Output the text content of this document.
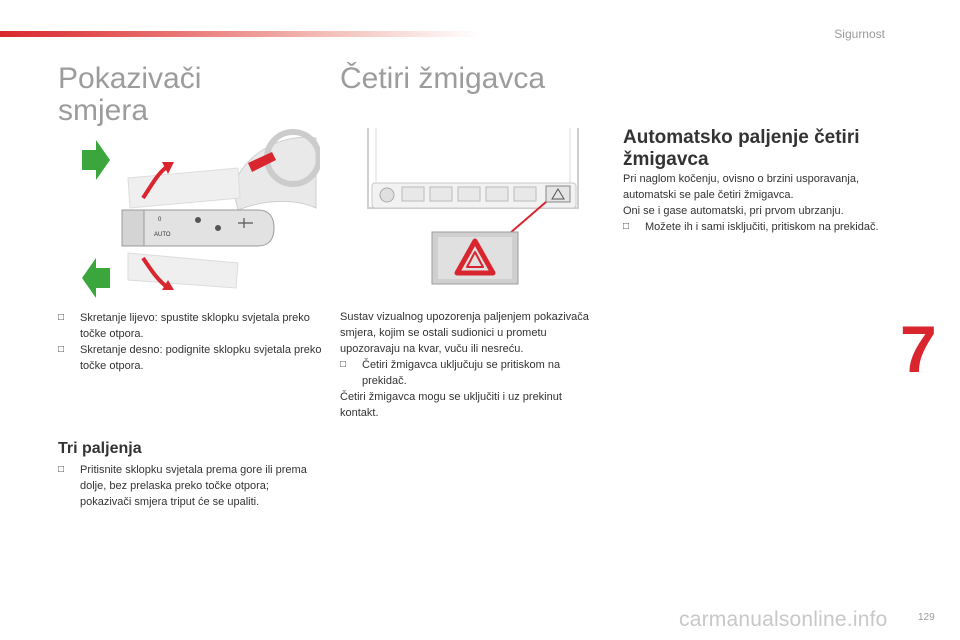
Sigurnost
Pokazivači
smjera
0
AUTO

□ Skretanje lijevo: spustite sklopku svjetala preko točke otpora.

□ Skretanje desno: podignite sklopku svjetala preko točke otpora.

Tri paljenja

□ Pritisnite sklopku svjetala prema gore ili prema dolje, bez prelaska preko točke otpora; pokazivači smjera triput će se upaliti.

Četiri žmigavca

Sustav vizualnog upozorenja paljenjem pokazivača smjera, kojim se ostali sudionici u prometu upozoravaju na kvar, vuču ili nesreću.

□ Četiri žmigavca uključuju se pritiskom na prekidač.

Četiri žmigavca mogu se uključiti i uz prekinut kontakt.

Automatsko paljenje četiri žmigavca

Pri naglom kočenju, ovisno o brzini usporavanja, automatski se pale četiri žmigavca.

Oni se i gase automatski, pri prvom ubrzanju.

□ Možete ih i sami isključiti, pritiskom na prekidač.

7
129
carmanualsonline.info
